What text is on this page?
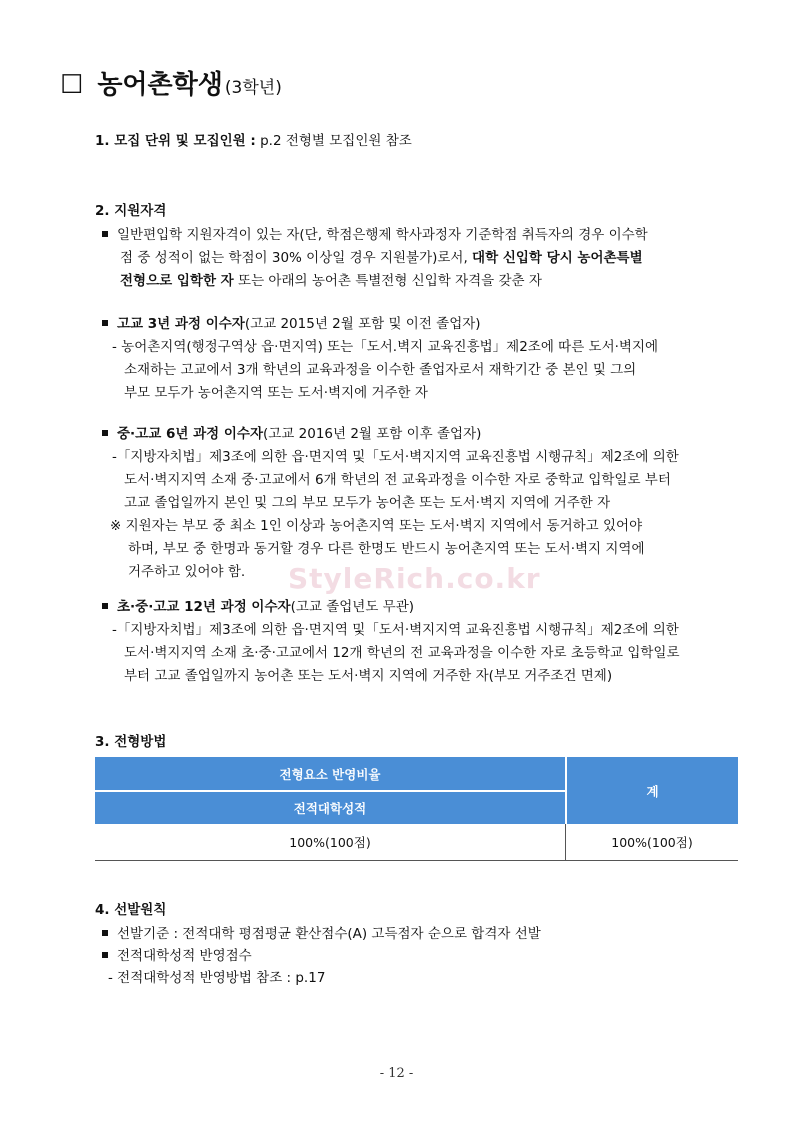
☐ 농어촌학생 (3학년)
1. 모집 단위 및 모집인원 : p.2 전형별 모집인원 참조
2. 지원자격
일반편입학 지원자격이 있는 자(단, 학점은행제 학사과정자 기준학점 취득자의 경우 이수학
점 중 성적이 없는 학점이 30% 이상일 경우 지원불가)로서, 대학 신입학 당시 농어촌특별
전형으로 입학한 자 또는 아래의 농어촌 특별전형 신입학 자격을 갖춘 자
고교 3년 과정 이수자(고교 2015년 2월 포함 및 이전 졸업자)
- 농어촌지역(행정구역상 읍·면지역) 또는「도서.벽지 교육진흥법」제2조에 따른 도서·벽지에
소재하는 고교에서 3개 학년의 교육과정을 이수한 졸업자로서 재학기간 중 본인 및 그의
부모 모두가 농어촌지역 또는 도서·벽지에 거주한 자
중·고교 6년 과정 이수자(고교 2016년 2월 포함 이후 졸업자)
-「지방자치법」제3조에 의한 읍·면지역 및「도서·벽지지역 교육진흥법 시행규칙」제2조에 의한
도서·벽지지역 소재 중·고교에서 6개 학년의 전 교육과정을 이수한 자로 중학교 입학일로 부터
고교 졸업일까지 본인 및 그의 부모 모두가 농어촌 또는 도서·벽지 지역에 거주한 자
※ 지원자는 부모 중 최소 1인 이상과 농어촌지역 또는 도서·벽지 지역에서 동거하고 있어야
하며, 부모 중 한명과 동거할 경우 다른 한명도 반드시 농어촌지역 또는 도서·벽지 지역에
거주하고 있어야 함. StyleRich.co.kr
초·중·고교 12년 과정 이수자(고교 졸업년도 무관)
-「지방자치법」제3조에 의한 읍·면지역 및「도서·벽지지역 교육진흥법 시행규칙」제2조에 의한
도서·벽지지역 소재 초·중·고교에서 12개 학년의 전 교육과정을 이수한 자로 초등학교 입학일로
부터 고교 졸업일까지 농어촌 또는 도서·벽지 지역에 거주한 자(부모 거주조건 면제)
3. 전형방법
전형요소 반영비율
전적대학성적
계
100%(100점)	100%(100점)
4. 선발원칙
선발기준 : 전적대학 평점평균 환산점수(A) 고득점자 순으로 합격자 선발
전적대학성적 반영점수
- 전적대학성적 반영방법 참조 : p.17
- 12 -
